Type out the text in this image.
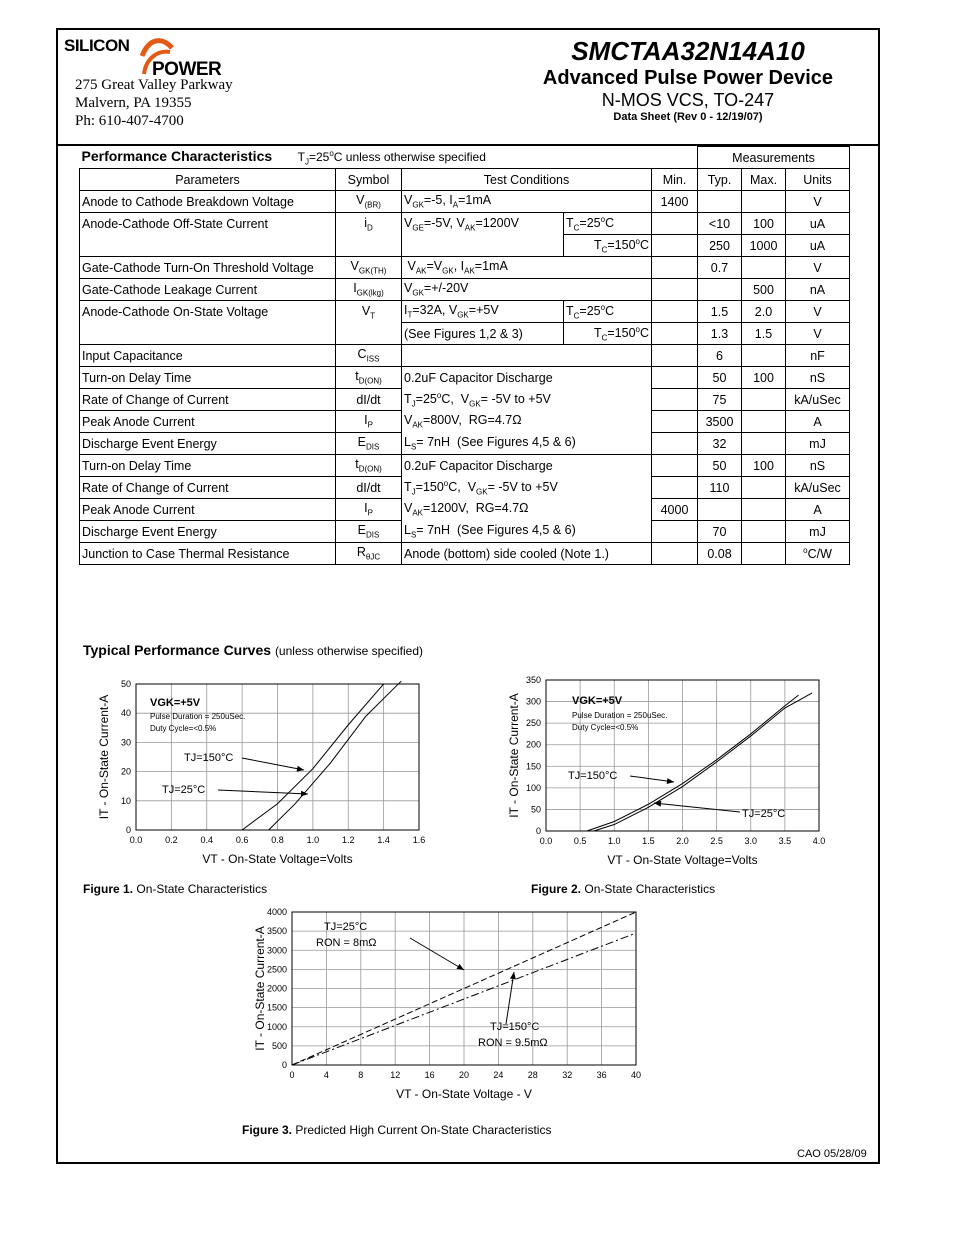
SILICON
POWER
275 Great Valley Parkway
Malvern, PA 19355
Ph: 610-407-4700
SMCTAA32N14A10
Advanced Pulse Power Device
N-MOS VCS, TO-247
Data Sheet (Rev 0 - 12/19/07)
Performance Characteristics $T_J=25^oC$ unless otherwise specified					Measurements		
Parameters	Symbol	Test Conditions		Min.	Typ.	Max.	Units
Anode to Cathode Breakdown Voltage	$V_{(BR)}$	$V_{GK}=-5$, $I_A=1mA$		1400			V
Anode-Cathode Off-State Current	$i_D$	$V_{GE}=-5V$, $V_{AK}=1200V$	$T_C=25^oC$		<10	100	uA
			$T_C=150^oC$		250	1000	uA
Gate-Cathode Turn-On Threshold Voltage	$V_{GK(TH)}$	$V_{AK}=V_{GK}$, $I_{AK}=1mA$			0.7		V
Gate-Cathode Leakage Current	$I_{GK(lkg)}$	$V_{GK}=+/-20V$				500	nA
Anode-Cathode On-State Voltage	$V_T$	$I_T=32A$, $V_{GK}=+5V$	$T_C=25^oC$		1.5	2.0	V
		(See Figures 1,2 & 3)	$T_C=150^oC$		1.3	1.5	V
Input Capacitance	$C_{ISS}$				6		nF
Turn-on Delay Time	$t_{D(ON)}$	0.2uF Capacitor Discharge			50	100	nS
Rate of Change of Current	dI/dt	$T_J=25^oC$,  $V_{GK}= -5V$ to +5V			75		kA/uSec
Peak Anode Current	$I_P$	$V_{AK}=800V$,  RG=4.7Ω			3500		A
Discharge Event Energy	$E_{DIS}$	$L_S= 7nH$  (See Figures 4,5 & 6)			32		mJ
Turn-on Delay Time	$t_{D(ON)}$	0.2uF Capacitor Discharge			50	100	nS
Rate of Change of Current	dI/dt	$T_J=150^oC$,  $V_{GK}= -5V$ to +5V			110		kA/uSec
Peak Anode Current	$I_P$	$V_{AK}=1200V$,  RG=4.7Ω		4000			A
Discharge Event Energy	$E_{DIS}$	$L_S= 7nH$  (See Figures 4,5 & 6)			70		mJ
Junction to Case Thermal Resistance	$R_{\theta JC}$	Anode (bottom) side cooled (Note 1.)			0.08		$^o$C/W
Typical Performance Curves (unless otherwise specified)
0.0	0.2	0.4	0.6	0.8	1.0	1.2	1.4	1.6
0
10
20
30
40
50
VT - On-State Voltage=Volts
IT - On-State Current-A	VGK=+5V
Pulse Duration = 250uSec.
Duty Cycle=<0.5%
TJ=150°C
TJ=25°C
0.0 0.5 1.0 1.5 2.0 2.5 3.0 3.5 4.0
0
50
100
150
200
250
300
350
VT - On-State Voltage=Volts
IT - On-State Current-A	VGK=+5V
Pulse Duration = 250uSec.
Duty Cycle=<0.5%
TJ=150°C
TJ=25°C
0	4	8	12	16	20	24	28	32	36	40
0
500
1000
1500
2000
2500
3000
3500
4000
VT - On-State Voltage - V
IT - On-State Current-A	TJ=25°C
RON = 8mΩ
TJ=150°C
RON = 9.5mΩ
Figure 1. On-State Characteristics	Figure 2. On-State Characteristics
Figure 3. Predicted High Current On-State Characteristics
CAO 05/28/09
